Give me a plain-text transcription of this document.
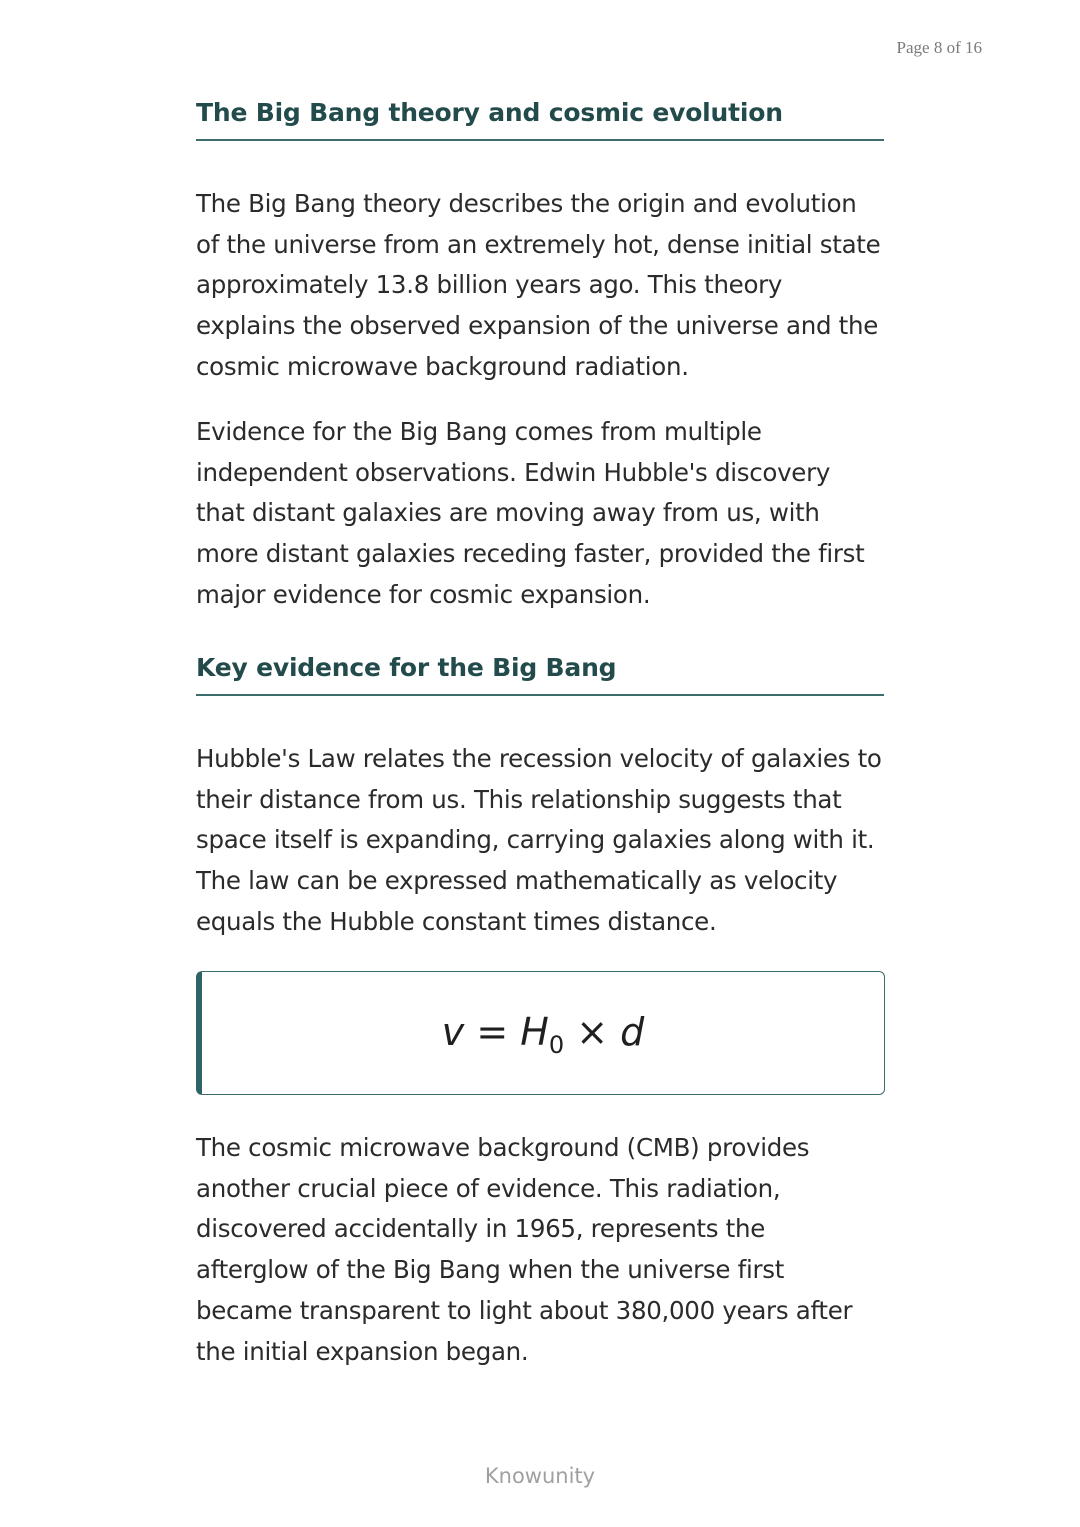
Page 8 of 16
The Big Bang theory and cosmic evolution

The Big Bang theory describes the origin and evolution of the universe from an extremely hot, dense initial state approximately 13.8 billion years ago. This theory explains the observed expansion of the universe and the cosmic microwave background radiation.

Evidence for the Big Bang comes from multiple independent observations. Edwin Hubble's discovery that distant galaxies are moving away from us, with more distant galaxies receding faster, provided the first major evidence for cosmic expansion.

Key evidence for the Big Bang

Hubble's Law relates the recession velocity of galaxies to their distance from us. This relationship suggests that space itself is expanding, carrying galaxies along with it. The law can be expressed mathematically as velocity equals the Hubble constant times distance.

$v = H_0 \times d$

The cosmic microwave background (CMB) provides another crucial piece of evidence. This radiation, discovered accidentally in 1965, represents the afterglow of the Big Bang when the universe first became transparent to light about 380,000 years after the initial expansion began.

Knowunity
